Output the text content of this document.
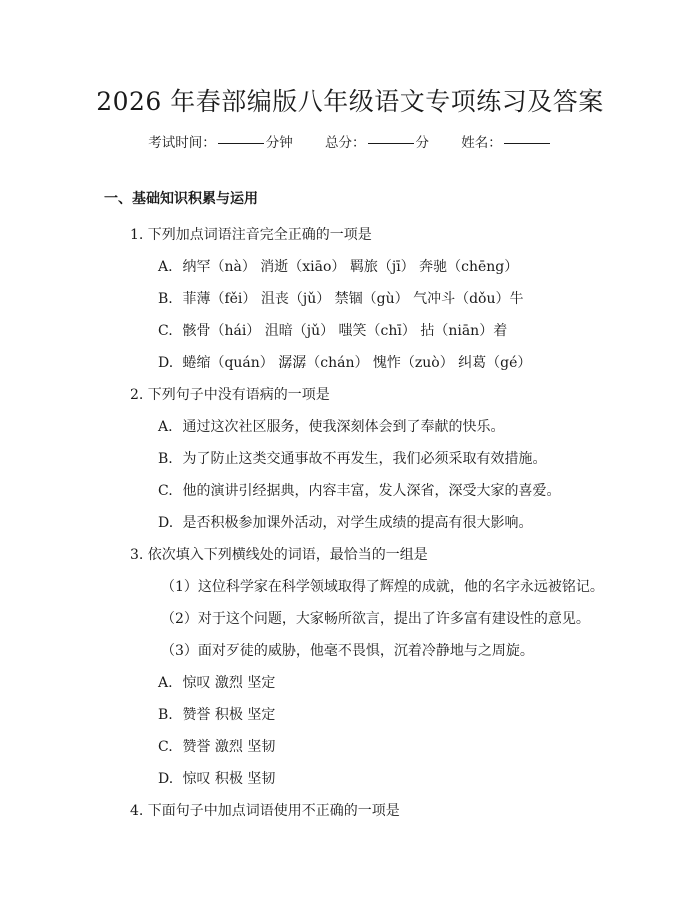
2026 年春部编版八年级语文专项练习及答案
考试时间：	分钟 总分：	分 姓名：
一、基础知识积累与运用
1. 下列加点词语注音完全正确的一项是
A. 纳罕（nà） 消逝（xiāo） 羁旅（jī） 奔驰（chēng）
B. 菲薄（fěi） 沮丧（jǔ） 禁锢（gù） 气冲斗（dǒu）牛
C. 骸骨（hái） 沮暗（jǔ） 嗤笑（chī） 拈（niān）着
D. 蜷缩（quán） 潺潺（chán） 愧怍（zuò） 纠葛（gé）
2. 下列句子中没有语病的一项是
A. 通过这次社区服务，使我深刻体会到了奉献的快乐。
B. 为了防止这类交通事故不再发生，我们必须采取有效措施。
C. 他的演讲引经据典，内容丰富，发人深省，深受大家的喜爱。
D. 是否积极参加课外活动，对学生成绩的提高有很大影响。
3. 依次填入下列横线处的词语，最恰当的一组是
（1）这位科学家在科学领域取得了辉煌的成就，他的名字永远被铭记。
（2）对于这个问题，大家畅所欲言，提出了许多富有建设性的意见。
（3）面对歹徒的威胁，他毫不畏惧，沉着冷静地与之周旋。
A. 惊叹 激烈 坚定
B. 赞誉 积极 坚定
C. 赞誉 激烈 坚韧
D. 惊叹 积极 坚韧
4. 下面句子中加点词语使用不正确的一项是
